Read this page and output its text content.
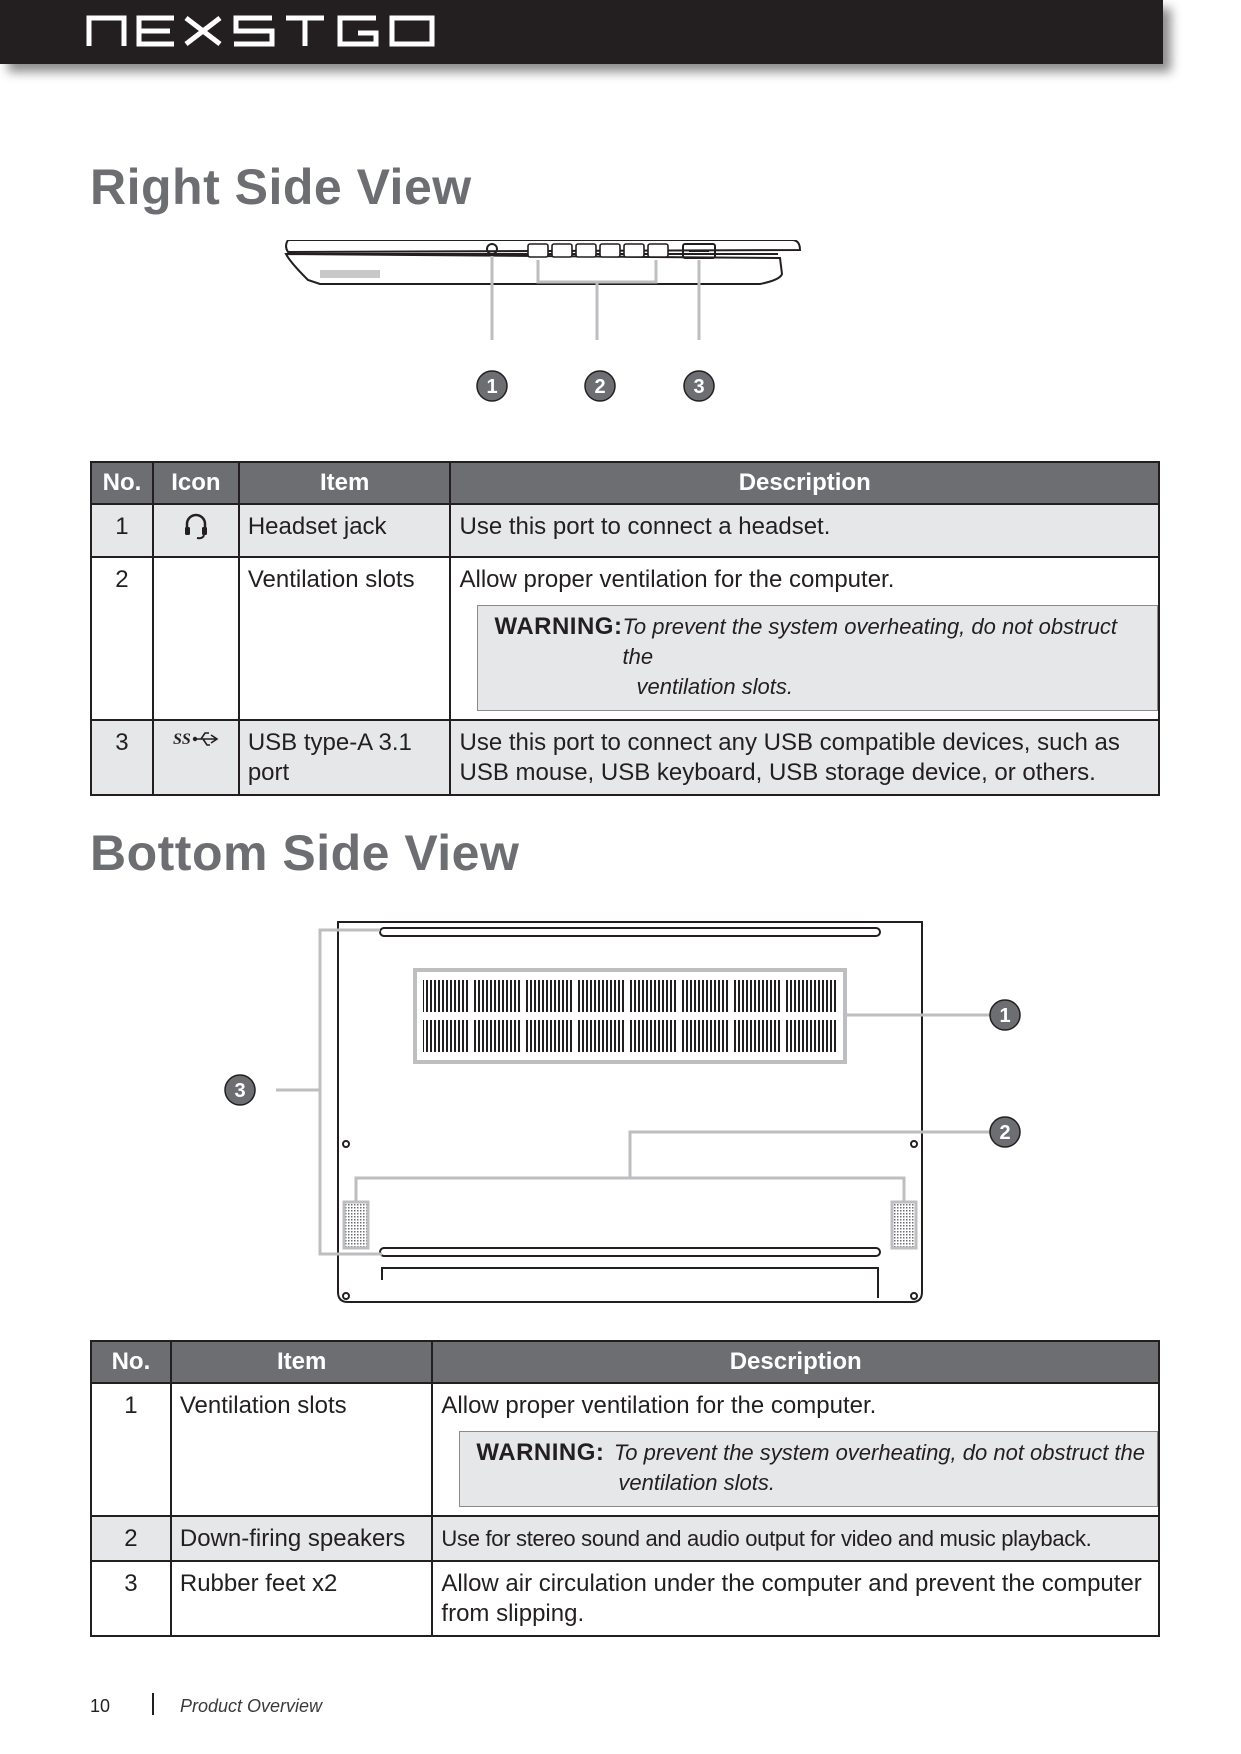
Right Side View
1	2	3
No.	Icon	Item	Description
1		Headset jack	Use this port to connect a headset.
2		Ventilation slots	Allow proper ventilation for the computer.
WARNING: To prevent the system overheating, do not obstruct the
ventilation slots.

3	SS	USB type-A 3.1 port	Use this port to connect any USB compatible devices, such as USB mouse, USB keyboard, USB storage device, or others.
Bottom Side View
1
2
3
No.	Item	Description
1	Ventilation slots	Allow proper ventilation for the computer.
WARNING: To prevent the system overheating, do not obstruct the
ventilation slots.

2	Down-firing speakers	Use for stereo sound and audio output for video and music playback.
3	Rubber feet x2	Allow air circulation under the computer and prevent the computer from slipping.
10	Product Overview
